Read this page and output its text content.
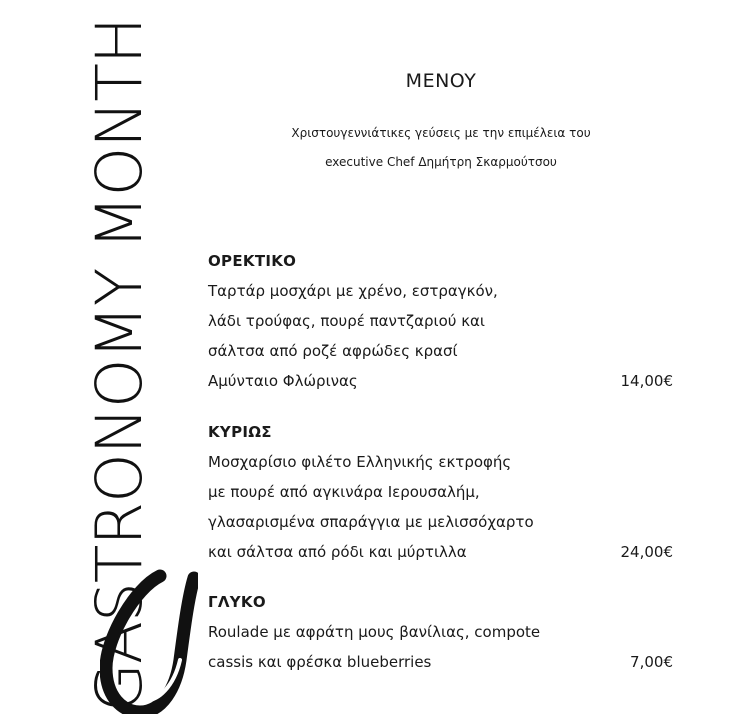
GASTRONOMY MONTH	MENOY
Χριστουγεννιάτικες γεύσεις με την επιμέλεια του
executive Chef Δημήτρη Σκαρμούτσου
ΟΡΕΚΤΙΚΟ
Ταρτάρ μοσχάρι με χρένο, εστραγκόν,
λάδι τρούφας, πουρέ παντζαριού και
σάλτσα από ροζέ αφρώδες κρασί
Αμύνταιο Φλώρινας	14,00€
ΚΥΡΙΩΣ
Μοσχαρίσιο φιλέτο Ελληνικής εκτροφής
με πουρέ από αγκινάρα Ιερουσαλήμ,
γλασαρισμένα σπαράγγια με μελισσόχαρτο
και σάλτσα από ρόδι και μύρτιλλα	24,00€
ΓΛΥΚΟ
Roulade με αφράτη μους βανίλιας, compote
cassis και φρέσκα blueberries	7,00€
